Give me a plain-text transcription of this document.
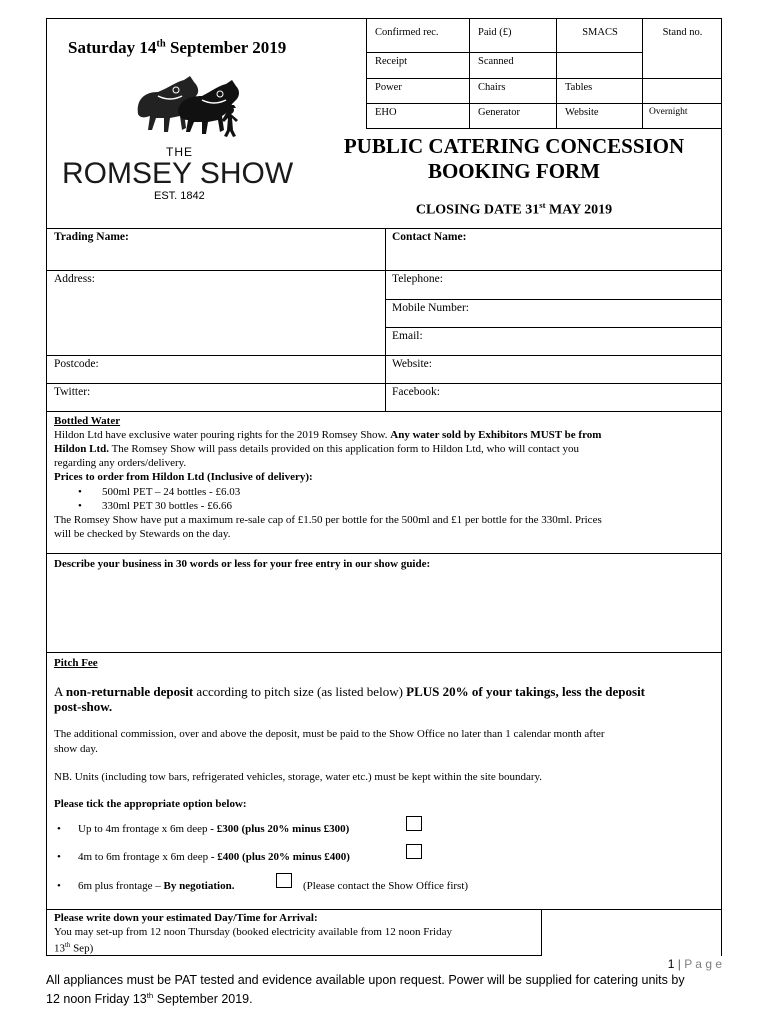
Saturday 14th September 2019
THE
ROMSEY SHOW
EST. 1842
Confirmed rec.	Paid (£)	SMACS	Stand no.
Receipt	Scanned
Power	Chairs	Tables
EHO	Generator	Website	Overnight
PUBLIC CATERING CONCESSION
BOOKING FORM
CLOSING DATE 31st MAY 2019
Trading Name:	Contact Name:
Address:	Telephone:
Mobile Number:
Email:
Postcode:	Website:
Twitter:	Facebook:
Bottled Water
Hildon Ltd have exclusive water pouring rights for the 2019 Romsey Show. Any water sold by Exhibitors MUST be from
Hildon Ltd. The Romsey Show will pass details provided on this application form to Hildon Ltd, who will contact you
regarding any orders/delivery.
Prices to order from Hildon Ltd (Inclusive of delivery):
• 500ml PET – 24 bottles - £6.03
• 330ml PET 30 bottles - £6.66
The Romsey Show have put a maximum re-sale cap of £1.50 per bottle for the 500ml and £1 per bottle for the 330ml. Prices
will be checked by Stewards on the day.
Describe your business in 30 words or less for your free entry in our show guide:
Pitch Fee
A non-returnable deposit according to pitch size (as listed below) PLUS 20% of your takings, less the deposit
post-show.
The additional commission, over and above the deposit, must be paid to the Show Office no later than 1 calendar month after
show day.
NB. Units (including tow bars, refrigerated vehicles, storage, water etc.) must be kept within the site boundary.
Please tick the appropriate option below:
• Up to 4m frontage x 6m deep - £300 (plus 20% minus £300)
• 4m to 6m frontage x 6m deep - £400 (plus 20% minus £400)
• 6m plus frontage – By negotiation.	(Please contact the Show Office first)
Please write down your estimated Day/Time for Arrival:
You may set-up from 12 noon Thursday (booked electricity available from 12 noon Friday
13th Sep)
1 | P a g e
All appliances must be PAT tested and evidence available upon request. Power will be supplied for catering units by
12 noon Friday 13th September 2019.
